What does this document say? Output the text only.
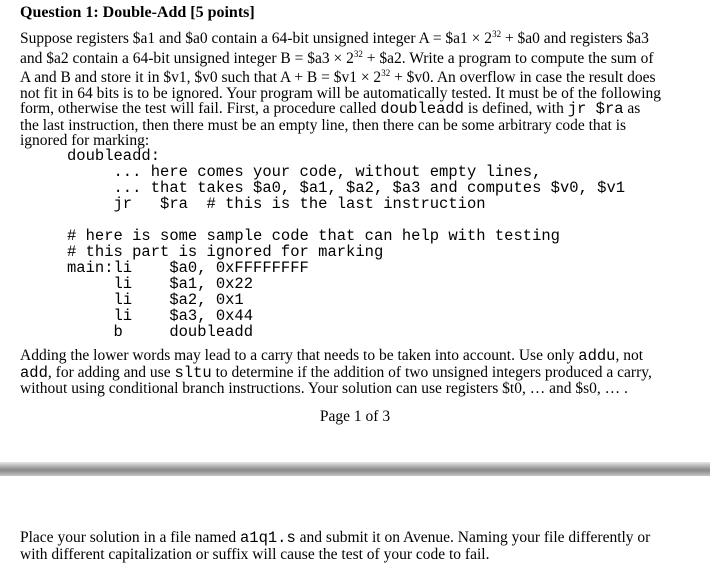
Question 1: Double-Add [5 points]
Suppose registers $a1 and $a0 contain a 64-bit unsigned integer A = $a1 × $2^{32}$ + $a0 and registers $a3
and $a2 contain a 64-bit unsigned integer B = $a3 × $2^{32}$ + $a2. Write a program to compute the sum of
A and B and store it in $v1, $v0 such that A + B = $v1 × $2^{32}$ + $v0. An overflow in case the result does
not fit in 64 bits is to be ignored. Your program will be automatically tested. It must be of the following
form, otherwise the test will fail. First, a procedure called doubleadd is defined, with jr $ra as
the last instruction, then there must be an empty line, then there can be some arbitrary code that is
ignored for marking:
doubleadd:
... here comes your code, without empty lines,
... that takes $a0, $a1, $a2, $a3 and computes $v0, $v1
jr   $ra  # this is the last instruction
# here is some sample code that can help with testing
# this part is ignored for marking
main:li    $a0, 0xFFFFFFFF
li    $a1, 0x22
li    $a2, 0x1
li    $a3, 0x44
b     doubleadd
Adding the lower words may lead to a carry that needs to be taken into account. Use only addu, not
add, for adding and use sltu to determine if the addition of two unsigned integers produced a carry,
without using conditional branch instructions. Your solution can use registers $t0, … and $s0, … .
Page 1 of 3
Place your solution in a file named a1q1.s and submit it on Avenue. Naming your file differently or
with different capitalization or suffix will cause the test of your code to fail.
